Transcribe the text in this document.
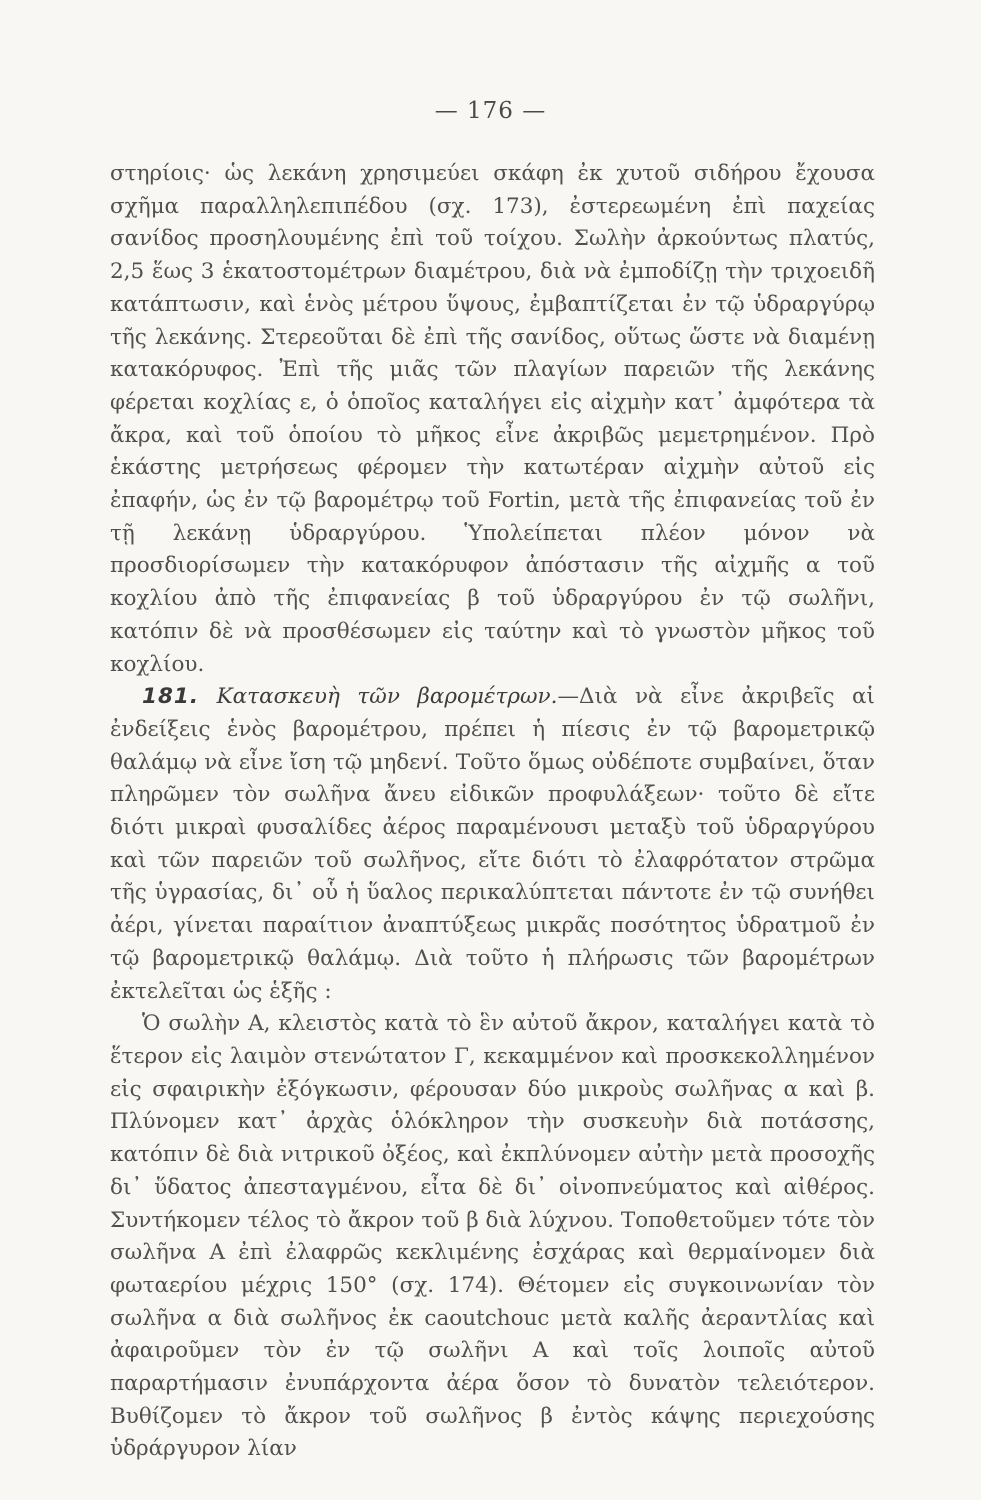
— 176 —

στηρίοις· ὡς λεκάνη χρησιμεύει σκάφη ἐκ χυτοῦ σιδήρου ἔχουσα σχῆμα παραλληλεπιπέδου (σχ. 173), ἐστερεωμένη ἐπὶ παχείας σανίδος προσηλουμένης ἐπὶ τοῦ τοίχου. Σωλὴν ἀρκούντως πλατύς, 2,5 ἕως 3 ἑκατοστομέτρων διαμέτρου, διὰ νὰ ἐμποδίζῃ τὴν τριχοειδῆ κατάπτωσιν, καὶ ἑνὸς μέτρου ὕψους, ἐμβαπτίζεται ἐν τῷ ὑδραργύρῳ τῆς λεκάνης. Στερεοῦται δὲ ἐπὶ τῆς σανίδος, οὕτως ὥστε νὰ διαμένῃ κατακόρυφος. Ἐπὶ τῆς μιᾶς τῶν πλαγίων παρειῶν τῆς λεκάνης φέρεται κοχλίας ε, ὁ ὁποῖος καταλήγει εἰς αἰχμὴν κατ᾽ ἀμφότερα τὰ ἄκρα, καὶ τοῦ ὁποίου τὸ μῆκος εἶνε ἀκριβῶς μεμετρημένον. Πρὸ ἑκάστης μετρήσεως φέρομεν τὴν κατωτέραν αἰχμὴν αὐτοῦ εἰς ἐπαφήν, ὡς ἐν τῷ βαρομέτρῳ τοῦ Fortin, μετὰ τῆς ἐπιφανείας τοῦ ἐν τῇ λεκάνῃ ὑδραργύρου. Ὑπολείπεται πλέον μόνον νὰ προσδιορίσωμεν τὴν κατακόρυφον ἀπόστασιν τῆς αἰχμῆς α τοῦ κοχλίου ἀπὸ τῆς ἐπιφανείας β τοῦ ὑδραργύρου ἐν τῷ σωλῆνι, κατόπιν δὲ νὰ προσθέσωμεν εἰς ταύτην καὶ τὸ γνωστὸν μῆκος τοῦ κοχλίου.

181. Κατασκευὴ τῶν βαρομέτρων.—Διὰ νὰ εἶνε ἀκριβεῖς αἱ ἐνδείξεις ἑνὸς βαρομέτρου, πρέπει ἡ πίεσις ἐν τῷ βαρομετρικῷ θαλάμῳ νὰ εἶνε ἴση τῷ μηδενί. Τοῦτο ὅμως οὐδέποτε συμβαίνει, ὅταν πληρῶμεν τὸν σωλῆνα ἄνευ εἰδικῶν προφυλάξεων· τοῦτο δὲ εἴτε διότι μικραὶ φυσαλίδες ἀέρος παραμένουσι μεταξὺ τοῦ ὑδραργύρου καὶ τῶν παρειῶν τοῦ σωλῆνος, εἴτε διότι τὸ ἐλαφρότατον στρῶμα τῆς ὑγρασίας, δι᾽ οὗ ἡ ὕαλος περικαλύπτεται πάντοτε ἐν τῷ συνήθει ἀέρι, γίνεται παραίτιον ἀναπτύξεως μικρᾶς ποσότητος ὑδρατμοῦ ἐν τῷ βαρομετρικῷ θαλάμῳ. Διὰ τοῦτο ἡ πλήρωσις τῶν βαρομέτρων ἐκτελεῖται ὡς ἑξῆς :

Ὁ σωλὴν Α, κλειστὸς κατὰ τὸ ἓν αὐτοῦ ἄκρον, καταλήγει κατὰ τὸ ἕτερον εἰς λαιμὸν στενώτατον Γ, κεκαμμένον καὶ προσκεκολλημένον εἰς σφαιρικὴν ἐξόγκωσιν, φέρουσαν δύο μικροὺς σωλῆνας α καὶ β. Πλύνομεν κατ᾽ ἀρχὰς ὁλόκληρον τὴν συσκευὴν διὰ ποτάσσης, κατόπιν δὲ διὰ νιτρικοῦ ὀξέος, καὶ ἐκπλύνομεν αὐτὴν μετὰ προσοχῆς δι᾽ ὕδατος ἀπεσταγμένου, εἶτα δὲ δι᾽ οἰνοπνεύματος καὶ αἰθέρος. Συντήκομεν τέλος τὸ ἄκρον τοῦ β διὰ λύχνου. Τοποθετοῦμεν τότε τὸν σωλῆνα Α ἐπὶ ἐλαφρῶς κεκλιμένης ἐσχάρας καὶ θερμαίνομεν διὰ φωταερίου μέχρις 150° (σχ. 174). Θέτομεν εἰς συγκοινωνίαν τὸν σωλῆνα α διὰ σωλῆνος ἐκ caoutchouc μετὰ καλῆς ἀεραντλίας καὶ ἀφαιροῦμεν τὸν ἐν τῷ σωλῆνι Α καὶ τοῖς λοιποῖς αὐτοῦ παραρτήμασιν ἐνυπάρχοντα ἀέρα ὅσον τὸ δυνατὸν τελειότερον. Βυθίζομεν τὸ ἄκρον τοῦ σωλῆνος β ἐντὸς κάψης περιεχούσης ὑδράργυρον λίαν
